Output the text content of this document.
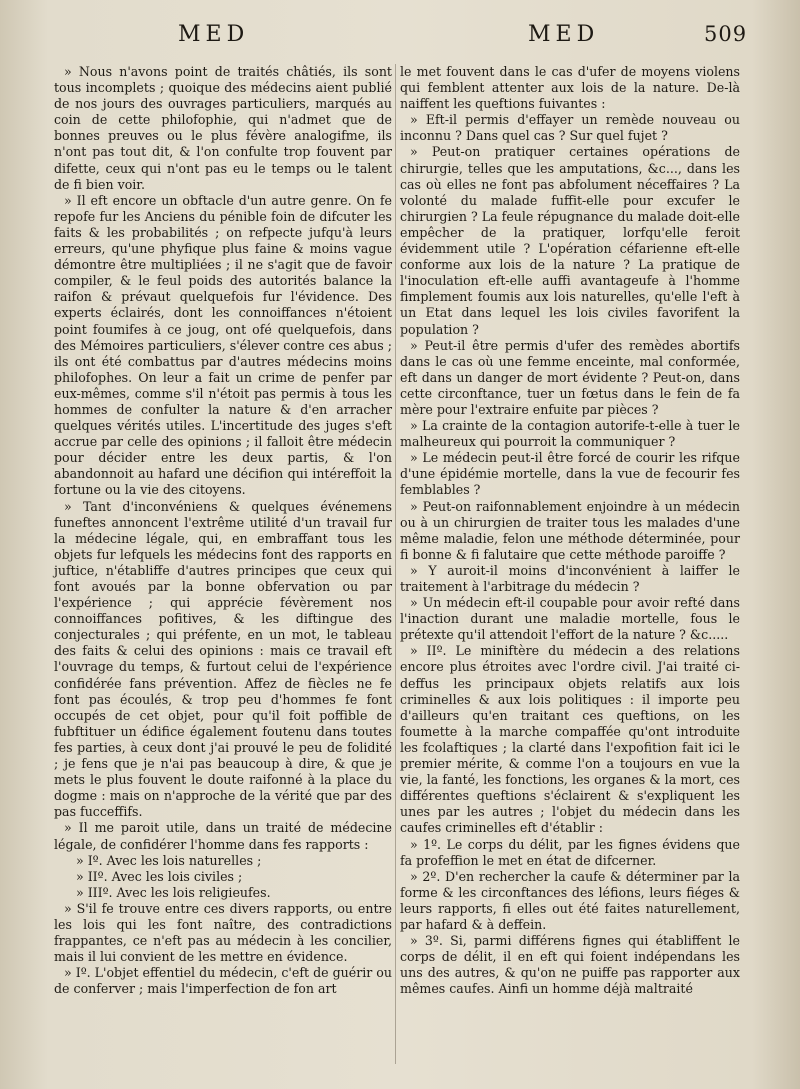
MED	MED	509

» Nous n'avons point de traités châtiés, ils sont tous incomplets ; quoique des médecins aient publié de nos jours des ouvrages particuliers, marqués au coin de cette philofophie, qui n'admet que de bonnes preuves ou le plus févère analogifme, ils n'ont pas tout dit, & l'on confulte trop fouvent par difette, ceux qui n'ont pas eu le temps ou le talent de fi bien voir.

» Il eft encore un obftacle d'un autre genre. On fe repofe fur les Anciens du pénible foin de difcuter les faits & les probabilités ; on refpecte jufqu'à leurs erreurs, qu'une phyfique plus faine & moins vague démontre être multipliées ; il ne s'agit que de favoir compiler, & le feul poids des autorités balance la raifon & prévaut quelquefois fur l'évidence. Des experts éclairés, dont les connoiffances n'étoient point foumifes à ce joug, ont ofé quelquefois, dans des Mémoires particuliers, s'élever contre ces abus ; ils ont été combattus par d'autres médecins moins philofophes. On leur a fait un crime de penfer par eux-mêmes, comme s'il n'étoit pas permis à tous les hommes de confulter la nature & d'en arracher quelques vérités utiles. L'incertitude des juges s'eft accrue par celle des opinions ; il falloit être médecin pour décider entre les deux partis, & l'on abandonnoit au hafard une décifion qui intéreffoit la fortune ou la vie des citoyens.

» Tant d'inconvéniens & quelques événemens funeftes annoncent l'extrême utilité d'un travail fur la médecine légale, qui, en embraffant tous les objets fur lefquels les médecins font des rapports en juftice, n'établiffe d'autres principes que ceux qui font avoués par la bonne obfervation ou par l'expérience ; qui apprécie févèrement nos connoiffances pofitives, & les diftingue des conjecturales ; qui préfente, en un mot, le tableau des faits & celui des opinions : mais ce travail eft l'ouvrage du temps, & furtout celui de l'expérience confidérée fans prévention. Affez de fiècles ne fe font pas écoulés, & trop peu d'hommes fe font occupés de cet objet, pour qu'il foit poffible de fubftituer un édifice également foutenu dans toutes fes parties, à ceux dont j'ai prouvé le peu de folidité ; je fens que je n'ai pas beaucoup à dire, & que je mets le plus fouvent le doute raifonné à la place du dogme : mais on n'approche de la vérité que par des pas fucceffifs.

» Il me paroit utile, dans un traité de médecine légale, de confidérer l'homme dans fes rapports :

» Iº. Avec les lois naturelles ;

» IIº. Avec les lois civiles ;

» IIIº. Avec les lois religieufes.

» S'il fe trouve entre ces divers rapports, ou entre les lois qui les font naître, des contradictions frappantes, ce n'eft pas au médecin à les concilier, mais il lui convient de les mettre en évidence.

» Iº. L'objet effentiel du médecin, c'eft de guérir ou de conferver ; mais l'imperfection de fon art

le met fouvent dans le cas d'ufer de moyens violens qui femblent attenter aux lois de la nature. De-là naiffent les queftions fuivantes :

» Eft-il permis d'effayer un remède nouveau ou inconnu ? Dans quel cas ? Sur quel fujet ?

» Peut-on pratiquer certaines opérations de chirurgie, telles que les amputations, &c..., dans les cas où elles ne font pas abfolument néceffaires ? La volonté du malade fuffit-elle pour excufer le chirurgien ? La feule répugnance du malade doit-elle empêcher de la pratiquer, lorfqu'elle feroit évidemment utile ? L'opération céfarienne eft-elle conforme aux lois de la nature ? La pratique de l'inoculation eft-elle auffi avantageufe à l'homme fimplement foumis aux lois naturelles, qu'elle l'eft à un Etat dans lequel les lois civiles favorifent la population ?

» Peut-il être permis d'ufer des remèdes abortifs dans le cas où une femme enceinte, mal conformée, eft dans un danger de mort évidente ? Peut-on, dans cette circonftance, tuer un fœtus dans le fein de fa mère pour l'extraire enfuite par pièces ?

» La crainte de la contagion autorife-t-elle à tuer le malheureux qui pourroit la communiquer ?

» Le médecin peut-il être forcé de courir les rifque d'une épidémie mortelle, dans la vue de fecourir fes femblables ?

» Peut-on raifonnablement enjoindre à un médecin ou à un chirurgien de traiter tous les malades d'une même maladie, felon une méthode déterminée, pour fi bonne & fi falutaire que cette méthode paroiffe ?

» Y auroit-il moins d'inconvénient à laiffer le traitement à l'arbitrage du médecin ?

» Un médecin eft-il coupable pour avoir refté dans l'inaction durant une maladie mortelle, fous le prétexte qu'il attendoit l'effort de la nature ? &c.....

» IIº. Le miniftère du médecin a des relations encore plus étroites avec l'ordre civil. J'ai traité ci-deffus les principaux objets relatifs aux lois criminelles & aux lois politiques : il importe peu d'ailleurs qu'en traitant ces queftions, on les foumette à la marche compaffée qu'ont introduite les fcolaftiques ; la clarté dans l'expofition fait ici le premier mérite, & comme l'on a toujours en vue la vie, la fanté, les fonctions, les organes & la mort, ces différentes queftions s'éclairent & s'expliquent les unes par les autres ; l'objet du médecin dans les caufes criminelles eft d'établir :

» 1º. Le corps du délit, par les fignes évidens que fa profeffion le met en état de difcerner.

» 2º. D'en rechercher la caufe & déterminer par la forme & les circonftances des léfions, leurs fiéges & leurs rapports, fi elles out été faites naturellement, par hafard & à deffein.

» 3º. Si, parmi différens fignes qui établiffent le corps de délit, il en eft qui foient indépendans les uns des autres, & qu'on ne puiffe pas rapporter aux mêmes caufes. Ainfi un homme déjà maltraité
